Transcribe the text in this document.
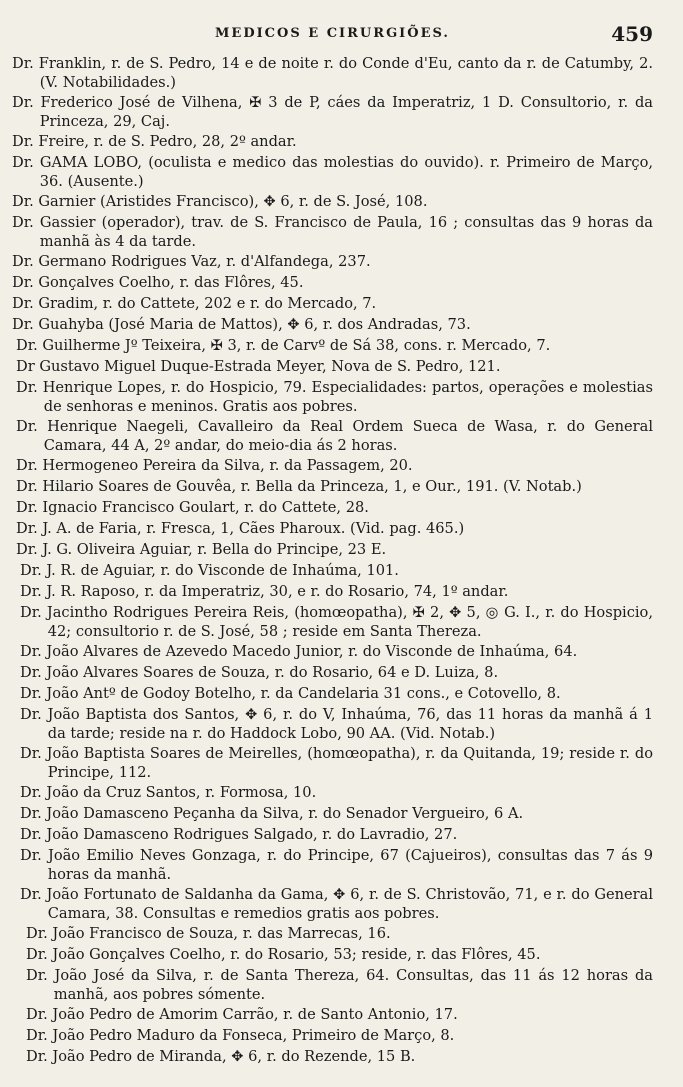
MEDICOS E CIRURGIÕES.	459

Dr. Franklin, r. de S. Pedro, 14 e de noite r. do Conde d'Eu, canto da r. de Catumby, 2. (V. Notabilidades.)

Dr. Frederico José de Vilhena, ✠ 3 de P, cáes da Imperatriz, 1 D. Consultorio, r. da Princeza, 29, Caj.

Dr. Freire, r. de S. Pedro, 28, 2º andar.

Dr. GAMA LOBO, (oculista e medico das molestias do ouvido). r. Primeiro de Março, 36. (Ausente.)

Dr. Garnier (Aristides Francisco), ✥ 6, r. de S. José, 108.

Dr. Gassier (operador), trav. de S. Francisco de Paula, 16 ; consultas das 9 horas da manhã às 4 da tarde.

Dr. Germano Rodrigues Vaz, r. d'Alfandega, 237.

Dr. Gonçalves Coelho, r. das Flôres, 45.

Dr. Gradim, r. do Cattete, 202 e r. do Mercado, 7.

Dr. Guahyba (José Maria de Mattos), ✥ 6, r. dos Andradas, 73.

Dr. Guilherme Jº Teixeira, ✠ 3, r. de Carvº de Sá 38, cons. r. Mercado, 7.

Dr Gustavo Miguel Duque-Estrada Meyer, Nova de S. Pedro, 121.

Dr. Henrique Lopes, r. do Hospicio, 79. Especialidades: partos, operações e molestias de senhoras e meninos. Gratis aos pobres.

Dr. Henrique Naegeli, Cavalleiro da Real Ordem Sueca de Wasa, r. do General Camara, 44 A, 2º andar, do meio-dia ás 2 horas.

Dr. Hermogeneo Pereira da Silva, r. da Passagem, 20.

Dr. Hilario Soares de Gouvêa, r. Bella da Princeza, 1, e Our., 191. (V. Notab.)

Dr. Ignacio Francisco Goulart, r. do Cattete, 28.

Dr. J. A. de Faria, r. Fresca, 1, Cães Pharoux. (Vid. pag. 465.)

Dr. J. G. Oliveira Aguiar, r. Bella do Principe, 23 E.

Dr. J. R. de Aguiar, r. do Visconde de Inhaúma, 101.

Dr. J. R. Raposo, r. da Imperatriz, 30, e r. do Rosario, 74, 1º andar.

Dr. Jacintho Rodrigues Pereira Reis, (homœopatha), ✠ 2, ✥ 5, ◎ G. I., r. do Hospicio, 42; consultorio r. de S. José, 58 ; reside em Santa Thereza.

Dr. João Alvares de Azevedo Macedo Junior, r. do Visconde de Inhaúma, 64.

Dr. João Alvares Soares de Souza, r. do Rosario, 64 e D. Luiza, 8.

Dr. João Antº de Godoy Botelho, r. da Candelaria 31 cons., e Cotovello, 8.

Dr. João Baptista dos Santos, ✥ 6, r. do V, Inhaúma, 76, das 11 horas da manhã á 1 da tarde; reside na r. do Haddock Lobo, 90 AA. (Vid. Notab.)

Dr. João Baptista Soares de Meirelles, (homœopatha), r. da Quitanda, 19; reside r. do Principe, 112.

Dr. João da Cruz Santos, r. Formosa, 10.

Dr. João Damasceno Peçanha da Silva, r. do Senador Vergueiro, 6 A.

Dr. João Damasceno Rodrigues Salgado, r. do Lavradio, 27.

Dr. João Emilio Neves Gonzaga, r. do Principe, 67 (Cajueiros), consultas das 7 ás 9 horas da manhã.

Dr. João Fortunato de Saldanha da Gama, ✥ 6, r. de S. Christovão, 71, e r. do General Camara, 38. Consultas e remedios gratis aos pobres.

Dr. João Francisco de Souza, r. das Marrecas, 16.

Dr. João Gonçalves Coelho, r. do Rosario, 53; reside, r. das Flôres, 45.

Dr. João José da Silva, r. de Santa Thereza, 64. Consultas, das 11 ás 12 horas da manhã, aos pobres sómente.

Dr. João Pedro de Amorim Carrão, r. de Santo Antonio, 17.

Dr. João Pedro Maduro da Fonseca, Primeiro de Março, 8.

Dr. João Pedro de Miranda, ✥ 6, r. do Rezende, 15 B.
